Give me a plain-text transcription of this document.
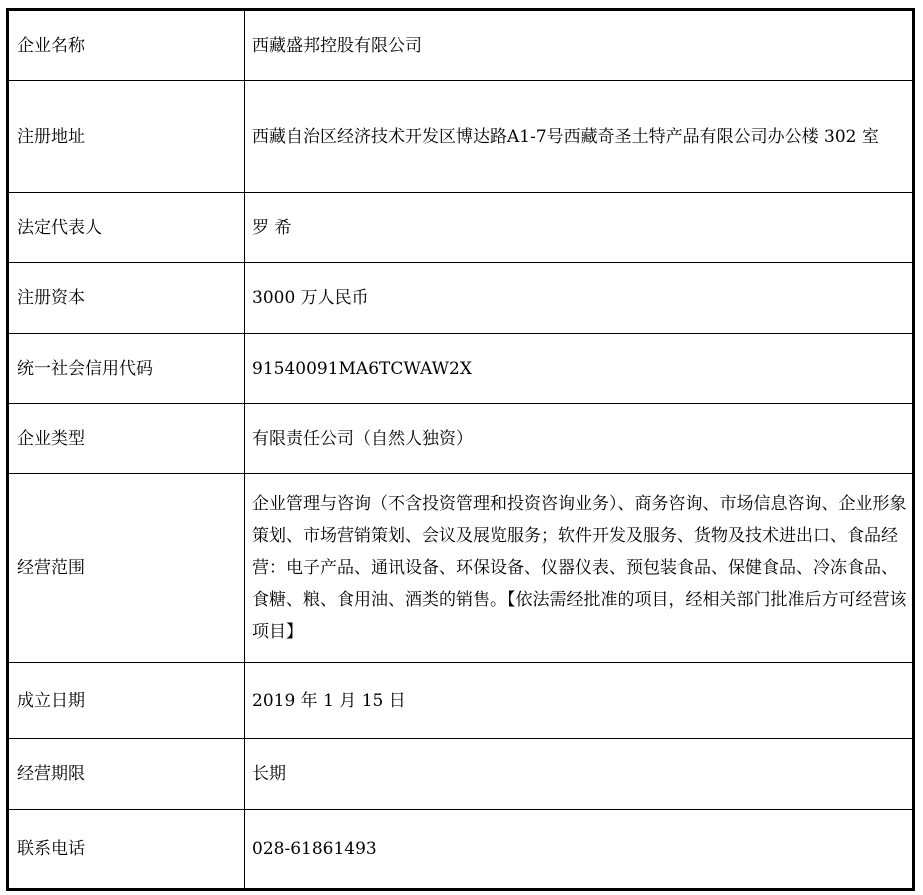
企业名称	西藏盛邦控股有限公司
注册地址	西藏自治区经济技术开发区博达路A1-7号西藏奇圣土特产品有限公司办公楼 302 室
法定代表人	罗 希
注册资本	3000 万人民币
统一社会信用代码	91540091MA6TCWAW2X
企业类型	有限责任公司（自然人独资）
经营范围	企业管理与咨询（不含投资管理和投资咨询业务）、商务咨询、市场信息咨询、企业形象策划、市场营销策划、会议及展览服务；软件开发及服务、货物及技术进出口、食品经营：电子产品、通讯设备、环保设备、仪器仪表、预包装食品、保健食品、冷冻食品、食糖、粮、食用油、酒类的销售。【依法需经批准的项目，经相关部门批准后方可经营该项目】
成立日期	2019 年 1 月 15 日
经营期限	长期
联系电话	028-61861493
